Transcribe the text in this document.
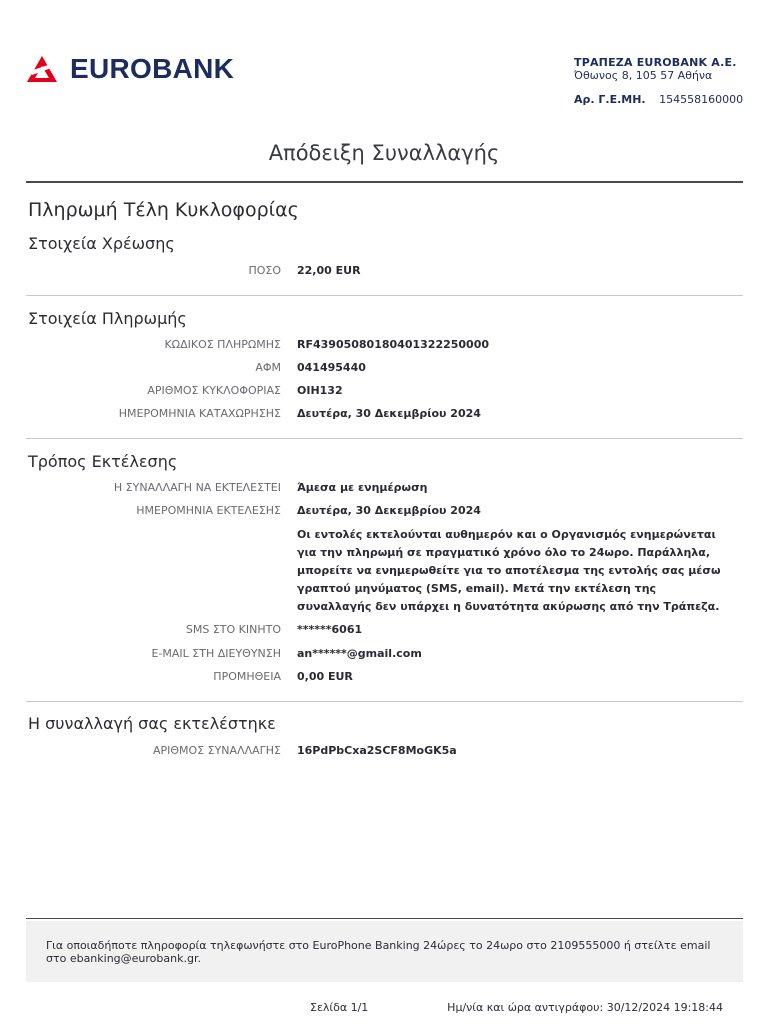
EUROBANK	ΤΡΑΠΕΖΑ EUROBANK A.E.
Όθωνος 8, 105 57 Αθήνα
Αρ. Γ.Ε.ΜΗ. 154558160000
Απόδειξη Συναλλαγής
Πληρωμή Τέλη Κυκλοφορίας
Στοιχεία Χρέωσης
ΠΟΣΟ 22,00 EUR
Στοιχεία Πληρωμής
ΚΩΔΙΚΟΣ ΠΛΗΡΩΜΗΣ RF43905080180401322250000
ΑΦΜ 041495440
ΑΡΙΘΜΟΣ ΚΥΚΛΟΦΟΡΙΑΣ ΟΙΗ132
ΗΜΕΡΟΜΗΝΙΑ ΚΑΤΑΧΩΡΗΣΗΣ Δευτέρα, 30 Δεκεμβρίου 2024
Τρόπος Εκτέλεσης
Η ΣΥΝΑΛΛΑΓΗ ΝΑ ΕΚΤΕΛΕΣΤΕΙ Άμεσα με ενημέρωση
ΗΜΕΡΟΜΗΝΙΑ ΕΚΤΕΛΕΣΗΣ Δευτέρα, 30 Δεκεμβρίου 2024
Οι εντολές εκτελούνται αυθημερόν και ο Οργανισμός ενημερώνεται για την πληρωμή σε πραγματικό χρόνο όλο το 24ωρο. Παράλληλα, μπορείτε να ενημερωθείτε για το αποτέλεσμα της εντολής σας μέσω γραπτού μηνύματος (SMS, email). Μετά την εκτέλεση της συναλλαγής δεν υπάρχει η δυνατότητα ακύρωσης από την Τράπεζα.
SMS ΣΤΟ ΚΙΝΗΤΟ ******6061
E-MAIL ΣΤΗ ΔΙΕΥΘΥΝΣΗ an******@gmail.com
ΠΡΟΜΗΘΕΙΑ 0,00 EUR
Η συναλλαγή σας εκτελέστηκε
ΑΡΙΘΜΟΣ ΣΥΝΑΛΛΑΓΗΣ 16PdPbCxa2SCF8MoGK5a
Για οποιαδήποτε πληροφορία τηλεφωνήστε στο EuroPhone Banking 24ώρες το 24ωρο στο 2109555000 ή στείλτε email στο ebanking@eurobank.gr.
Σελίδα 1/1	Ημ/νία και ώρα αντιγράφου: 30/12/2024 19:18:44
